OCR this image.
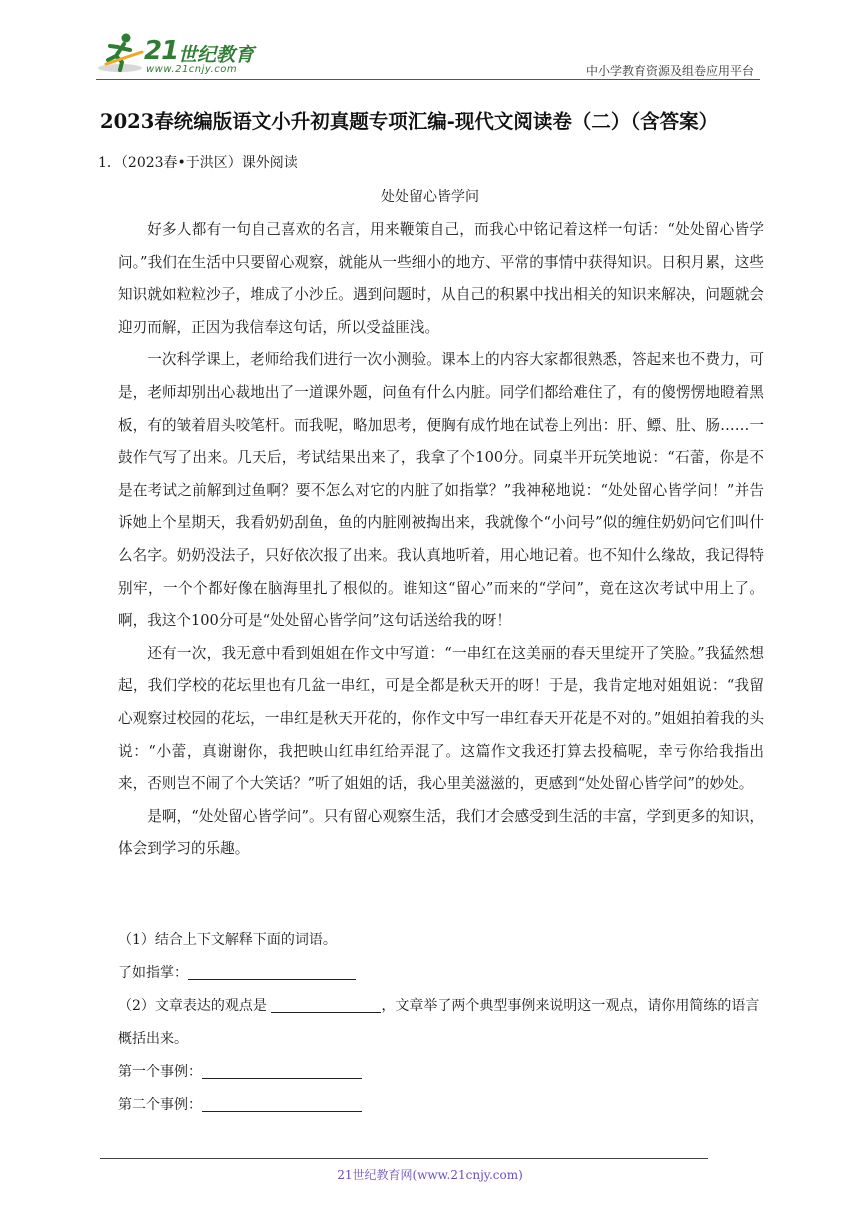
21 世纪教育
www.21cnjy.com	中小学教育资源及组卷应用平台
2023春统编版语文小升初真题专项汇编-现代文阅读卷（二）（含答案）
1．（2023春•于洪区）课外阅读
处处留心皆学问

好多人都有一句自己喜欢的名言，用来鞭策自己，而我心中铭记着这样一句话：“处处留心皆学问。”我们在生活中只要留心观察，就能从一些细小的地方、平常的事情中获得知识。日积月累，这些知识就如粒粒沙子，堆成了小沙丘。遇到问题时，从自己的积累中找出相关的知识来解决，问题就会迎刃而解，正因为我信奉这句话，所以受益匪浅。

一次科学课上，老师给我们进行一次小测验。课本上的内容大家都很熟悉，答起来也不费力，可是，老师却别出心裁地出了一道课外题，问鱼有什么内脏。同学们都给难住了，有的傻愣愣地瞪着黑板，有的皱着眉头咬笔杆。而我呢，略加思考，便胸有成竹地在试卷上列出：肝、鳔、肚、肠……一鼓作气写了出来。几天后，考试结果出来了，我拿了个100分。同桌半开玩笑地说：“石蕾，你是不是在考试之前解到过鱼啊？要不怎么对它的内脏了如指掌？”我神秘地说：“处处留心皆学问！”并告诉她上个星期天，我看奶奶刮鱼，鱼的内脏刚被掏出来，我就像个“小问号”似的缠住奶奶问它们叫什么名字。奶奶没法子，只好依次报了出来。我认真地听着，用心地记着。也不知什么缘故，我记得特别牢，一个个都好像在脑海里扎了根似的。谁知这“留心”而来的“学问”，竟在这次考试中用上了。啊，我这个100分可是“处处留心皆学问”这句话送给我的呀！

还有一次，我无意中看到姐姐在作文中写道：“一串红在这美丽的春天里绽开了笑脸。”我猛然想起，我们学校的花坛里也有几盆一串红，可是全都是秋天开的呀！于是，我肯定地对姐姐说：“我留心观察过校园的花坛，一串红是秋天开花的，你作文中写一串红春天开花是不对的。”姐姐拍着我的头说：“小蕾，真谢谢你，我把映山红串红给弄混了。这篇作文我还打算去投稿呢，幸亏你给我指出来，否则岂不闹了个大笑话？”听了姐姐的话，我心里美滋滋的，更感到“处处留心皆学问”的妙处。

是啊，“处处留心皆学问”。只有留心观察生活，我们才会感受到生活的丰富，学到更多的知识，体会到学习的乐趣。

（1）结合上下文解释下面的词语。
了如指掌：
（2）文章表达的观点是	，文章举了两个典型事例来说明这一观点，请你用简练的语言概括出来。
第一个事例：
第二个事例：
21世纪教育网(www.21cnjy.com)
